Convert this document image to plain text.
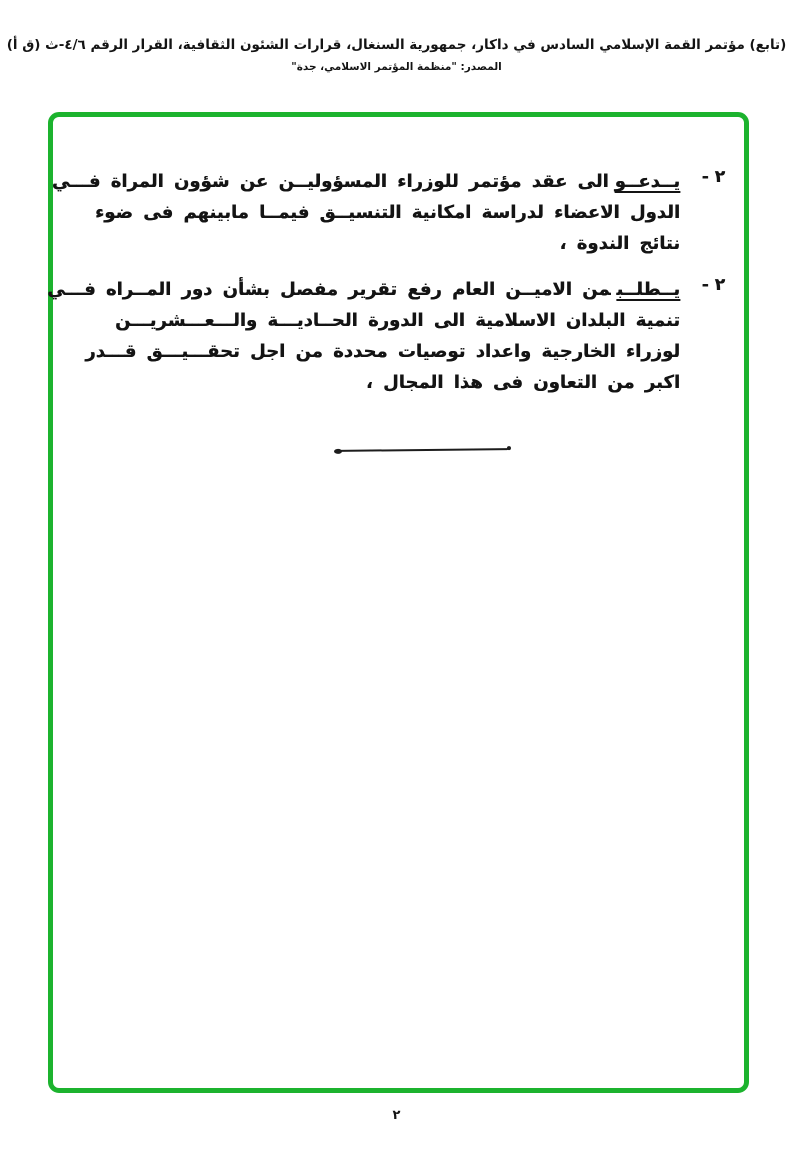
(تابع) مؤتمر القمة الإسلامي السادس في داكار، جمهورية السنغال، قرارات الشئون الثقافية، القرار الرقم ٤/٦-ث (ق أ)
المصدر: "منظمة المؤتمر الاسلامي، جدة"
٢ -
يــدعــوالى عقد مؤتمر للوزراء المسؤوليــن عن شؤون المراة فـــي
الدول الاعضاء لدراسة امكانية التنسيــق فيمــا مابينهم فى ضوء
نتائج الندوة ،
٢ -
يــطلــبمن الاميــن العام رفع تقرير مفصل بشأن دور المــراه فـــي
تنمية البلدان الاسلامية الى الدورة الحــاديـــة والـــعـــشريـــن
لوزراء الخارجية واعداد توصيات محددة من اجل تحقـــيـــق قـــدر
اكبر من التعاون فى هذا المجال ،
٢
